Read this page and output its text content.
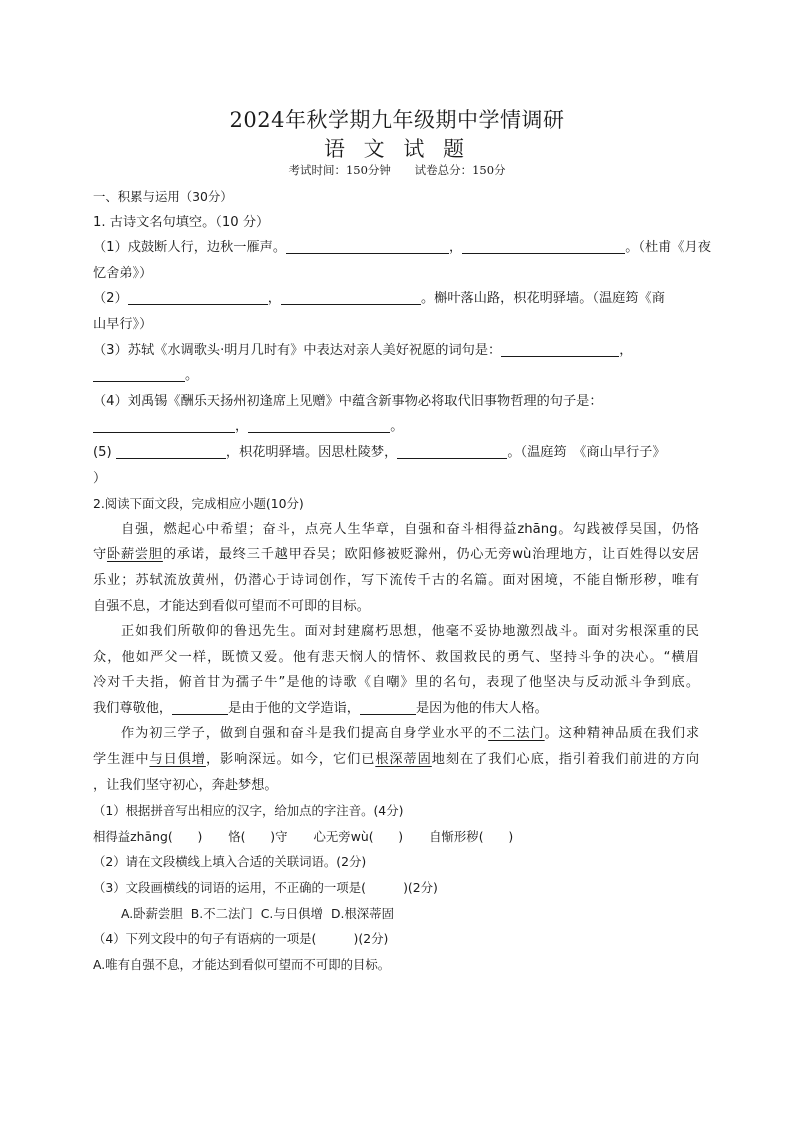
2024年秋学期九年级期中学情调研
语 文 试 题
考试时间：150分钟 试卷总分：150分
一、积累与运用（30分）
1. 古诗文名句填空。（10 分）
（1）戍鼓断人行，边秋一雁声。	，	。（杜甫《月夜
忆舍弟》）
（2）	，	。槲叶落山路，枳花明驿墙。（温庭筠《商
山早行》）
（3）苏轼《水调歌头·明月几时有》中表达对亲人美好祝愿的词句是：	，
。
（4）刘禹锡《酬乐天扬州初逢席上见赠》中蕴含新事物必将取代旧事物哲理的句子是：
，	。
(5)	，枳花明驿墙。因思杜陵梦，	。（温庭筠　《商山早行子》
）
2.阅读下面文段，完成相应小题(10分)
自强，燃起心中希望；奋斗，点亮人生华章，自强和奋斗相得益zhāng。勾践被俘吴国，仍恪
守卧薪尝胆的承诺，最终三千越甲吞吴；欧阳修被贬滁州，仍心无旁wù治理地方，让百姓得以安居
乐业；苏轼流放黄州，仍潜心于诗词创作，写下流传千古的名篇。面对困境，不能自惭形秽，唯有
自强不息，才能达到看似可望而不可即的目标。
正如我们所敬仰的鲁迅先生。面对封建腐朽思想，他毫不妥协地激烈战斗。面对劣根深重的民
众，他如严父一样，既愤又爱。他有悲天悯人的情怀、救国救民的勇气、坚持斗争的决心。“横眉
冷对千夫指，俯首甘为孺子牛”是他的诗歌《自嘲》里的名句，表现了他坚决与反动派斗争到底。
我们尊敬他，	是由于他的文学造诣，	是因为他的伟大人格。
作为初三学子，做到自强和奋斗是我们提高自身学业水平的不二法门。这种精神品质在我们求
学生涯中与日俱增，影响深远。如今，它们已根深蒂固地刻在了我们心底，指引着我们前进的方向
，让我们坚守初心，奔赴梦想。
（1）根据拼音写出相应的汉字，给加点的字注音。(4分)
相得益zhāng(　　) 恪(　　)守 心无旁wù(　　) 自惭形秽(　　)
（2）请在文段横线上填入合适的关联词语。(2分)
（3）文段画横线的词语的运用，不正确的一项是(　　　)(2分)
A.卧薪尝胆 B.不二法门 C.与日俱增 D.根深蒂固
（4）下列文段中的句子有语病的一项是(　　　)(2分)
A.唯有自强不息，才能达到看似可望而不可即的目标。
